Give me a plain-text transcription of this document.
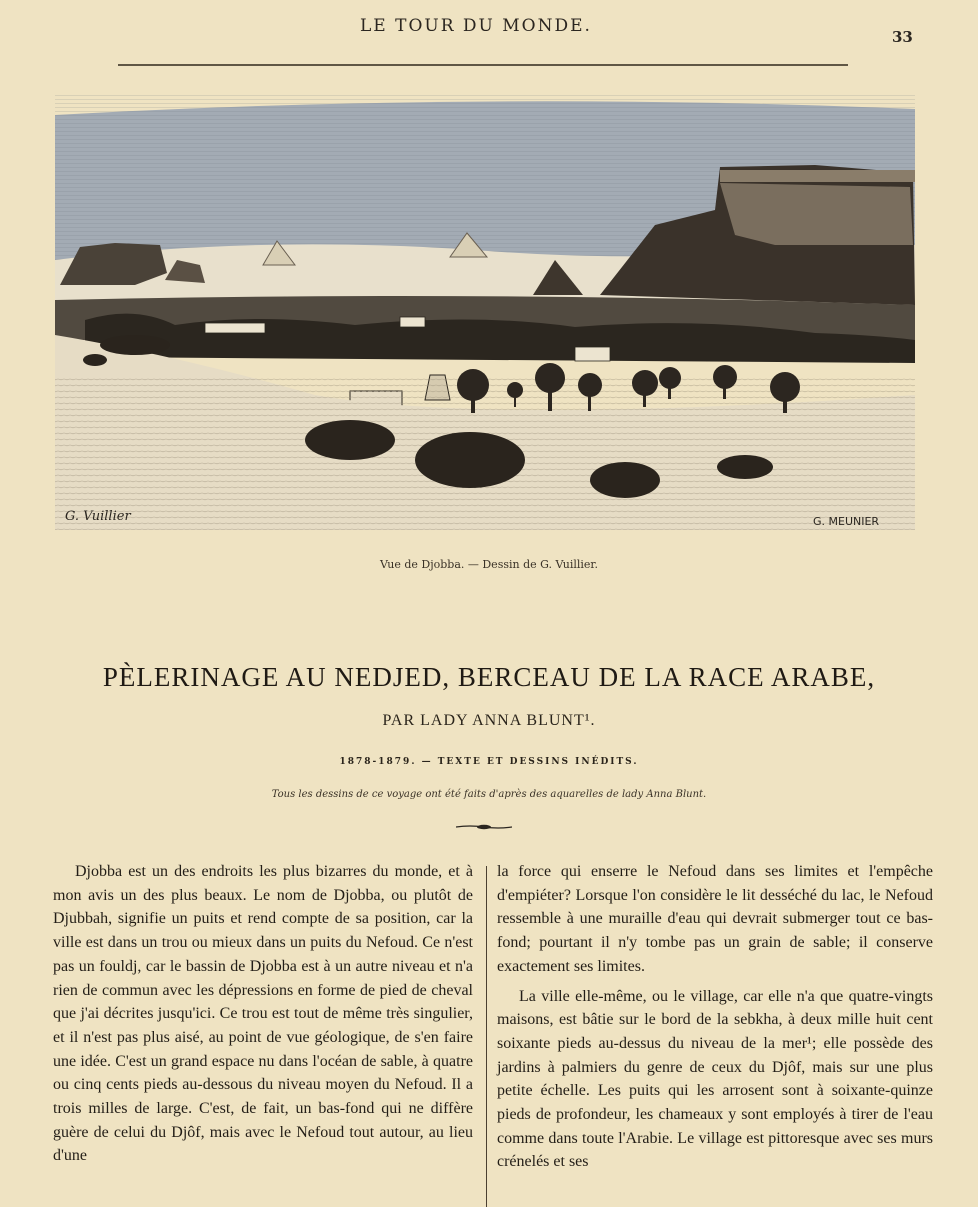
LE TOUR DU MONDE.
33
G. Vuillier	G. MEUNIER
Vue de Djobba. — Dessin de G. Vuillier.
PÈLERINAGE AU NEDJED, BERCEAU DE LA RACE ARABE,
PAR LADY ANNA BLUNT¹.
1878-1879. — TEXTE ET DESSINS INÉDITS.
Tous les dessins de ce voyage ont été faits d'après des aquarelles de lady Anna Blunt.

Djobba est un des endroits les plus bizarres du monde, et à mon avis un des plus beaux. Le nom de Djobba, ou plutôt de Djubbah, signifie un puits et rend compte de sa position, car la ville est dans un trou ou mieux dans un puits du Nefoud. Ce n'est pas un fouldj, car le bassin de Djobba est à un autre niveau et n'a rien de commun avec les dépressions en forme de pied de cheval que j'ai décrites jusqu'ici. Ce trou est tout de même très singulier, et il n'est pas plus aisé, au point de vue géologique, de s'en faire une idée. C'est un grand espace nu dans l'océan de sable, à quatre ou cinq cents pieds au-dessous du niveau moyen du Nefoud. Il a trois milles de large. C'est, de fait, un bas-fond qui ne diffère guère de celui du Djôf, mais avec le Nefoud tout autour, au lieu d'une

la force qui enserre le Nefoud dans ses limites et l'empêche d'empiéter? Lorsque l'on considère le lit desséché du lac, le Nefoud ressemble à une muraille d'eau qui devrait submerger tout ce bas-fond; pourtant il n'y tombe pas un grain de sable; il conserve exactement ses limites.

La ville elle-même, ou le village, car elle n'a que quatre-vingts maisons, est bâtie sur le bord de la sebkha, à deux mille huit cent soixante pieds au-dessus du niveau de la mer¹; elle possède des jardins à palmiers du genre de ceux du Djôf, mais sur une plus petite échelle. Les puits qui les arrosent sont à soixante-quinze pieds de profondeur, les chameaux y sont employés à tirer de l'eau comme dans toute l'Arabie. Le village est pittoresque avec ses murs crénelés et ses
